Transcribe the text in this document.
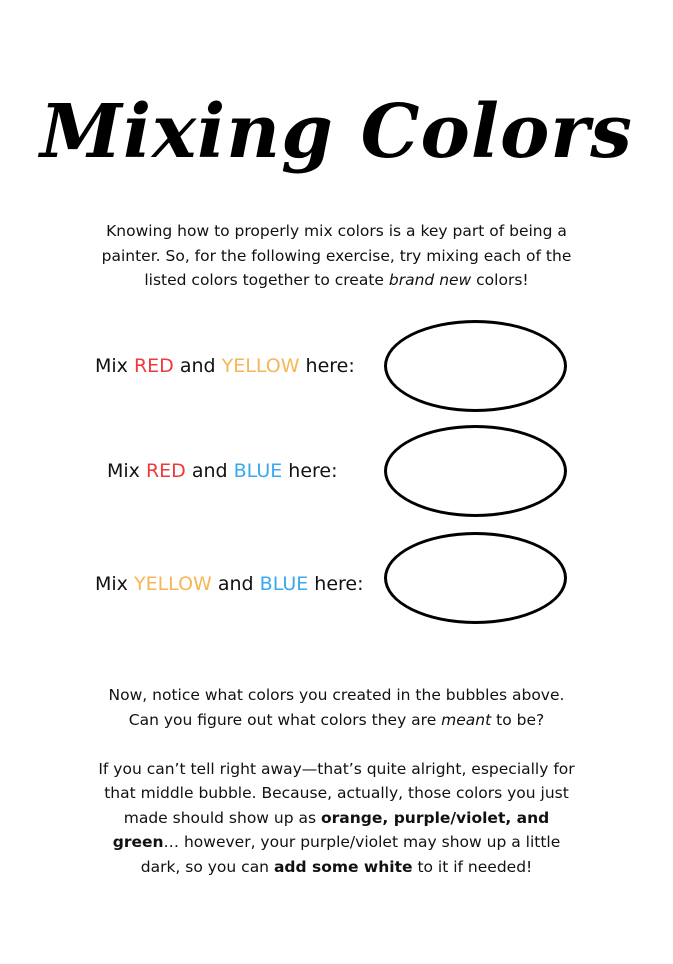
Mixing Colors
Knowing how to properly mix colors is a key part of being a
painter. So, for the following exercise, try mixing each of the
listed colors together to create brand new colors!
Mix RED and YELLOW here:
Mix RED and BLUE here:
Mix YELLOW and BLUE here:
Now, notice what colors you created in the bubbles above.
Can you figure out what colors they are meant to be?
If you can’t tell right away—that’s quite alright, especially for
that middle bubble. Because, actually, those colors you just
made should show up as orange, purple/violet, and
green… however, your purple/violet may show up a little
dark, so you can add some white to it if needed!
